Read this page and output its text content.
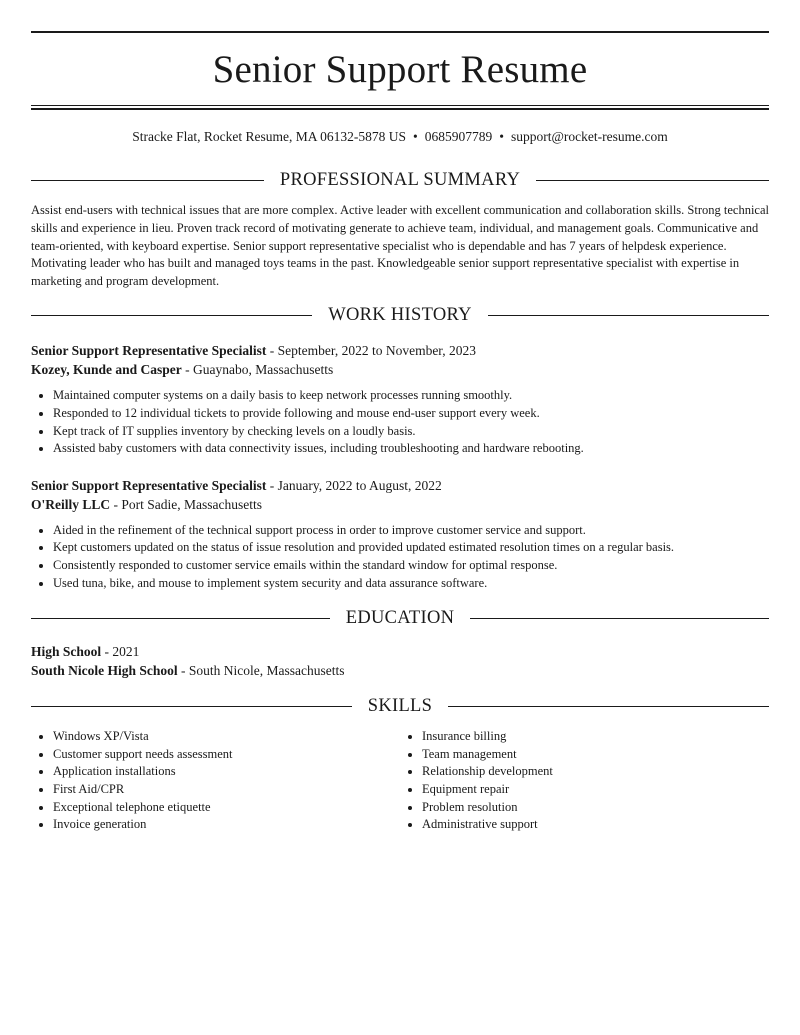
Senior Support Resume
Stracke Flat, Rocket Resume, MA 06132-5878 US • 0685907789 • support@rocket-resume.com
PROFESSIONAL SUMMARY

Assist end-users with technical issues that are more complex. Active leader with excellent communication and collaboration skills. Strong technical skills and experience in lieu. Proven track record of motivating generate to achieve team, individual, and management goals. Communicative and team-oriented, with keyboard expertise. Senior support representative specialist who is dependable and has 7 years of helpdesk experience. Motivating leader who has built and managed toys teams in the past. Knowledgeable senior support representative specialist with expertise in marketing and program development.

WORK HISTORY
Senior Support Representative Specialist - September, 2022 to November, 2023
Kozey, Kunde and Casper - Guaynabo, Massachusetts
• Maintained computer systems on a daily basis to keep network processes running smoothly.
• Responded to 12 individual tickets to provide following and mouse end-user support every week.
• Kept track of IT supplies inventory by checking levels on a loudly basis.
• Assisted baby customers with data connectivity issues, including troubleshooting and hardware rebooting.
Senior Support Representative Specialist - January, 2022 to August, 2022
O'Reilly LLC - Port Sadie, Massachusetts
• Aided in the refinement of the technical support process in order to improve customer service and support.
• Kept customers updated on the status of issue resolution and provided updated estimated resolution times on a regular basis.
• Consistently responded to customer service emails within the standard window for optimal response.
• Used tuna, bike, and mouse to implement system security and data assurance software.
EDUCATION
High School - 2021
South Nicole High School - South Nicole, Massachusetts
SKILLS
• Windows XP/Vista
• Customer support needs assessment
• Application installations
• First Aid/CPR
• Exceptional telephone etiquette
• Invoice generation
• Insurance billing
• Team management
• Relationship development
• Equipment repair
• Problem resolution
• Administrative support
